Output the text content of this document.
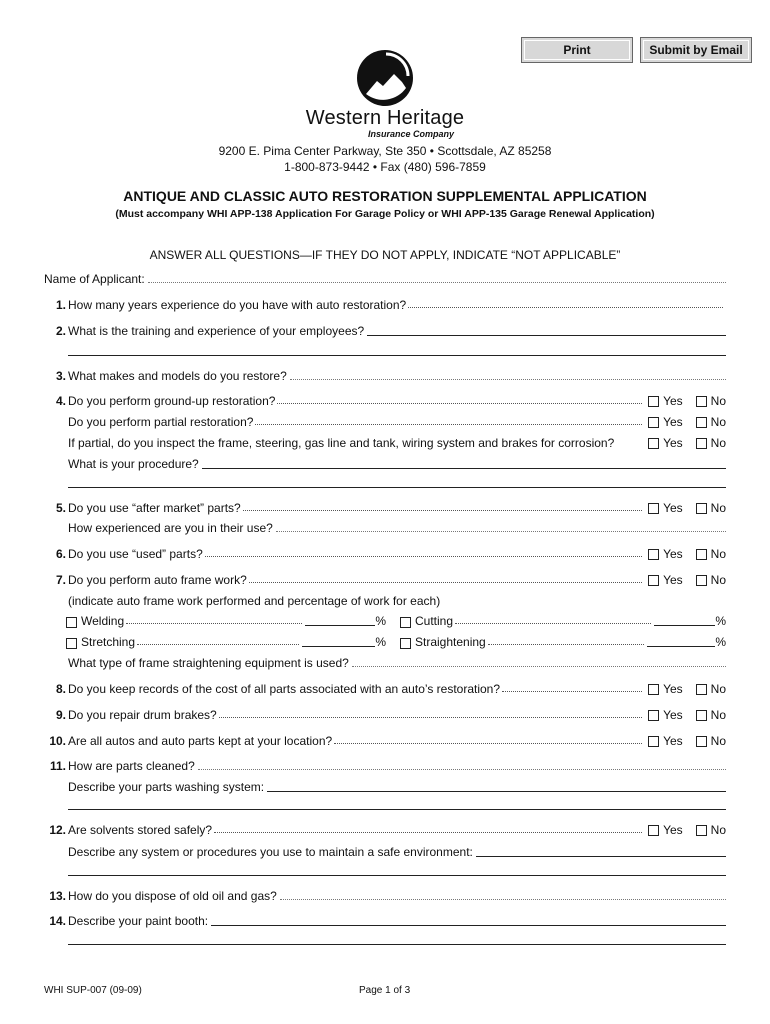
Print	Submit by Email
Western Heritage
Insurance Company
9200 E. Pima Center Parkway, Ste 350 • Scottsdale, AZ 85258
1-800-873-9442 • Fax (480) 596-7859
ANTIQUE AND CLASSIC AUTO RESTORATION SUPPLEMENTAL APPLICATION
(Must accompany WHI APP-138 Application For Garage Policy or WHI APP-135 Garage Renewal Application)
ANSWER ALL QUESTIONS—IF THEY DO NOT APPLY, INDICATE “NOT APPLICABLE”
Name of Applicant:
1. How many years experience do you have with auto restoration?
2. What is the training and experience of your employees?
3. What makes and models do you restore?
4. Do you perform ground-up restoration?	Yes No
Do you perform partial restoration?	Yes No
If partial, do you inspect the frame, steering, gas line and tank, wiring system and brakes for corrosion?	Yes No
What is your procedure?
5. Do you use “after market” parts?	Yes No
How experienced are you in their use?
6. Do you use “used” parts?	Yes No
7. Do you perform auto frame work?	Yes No
(indicate auto frame work performed and percentage of work for each)
Welding	% Cutting	%
Stretching	% Straightening	%
What type of frame straightening equipment is used?
8. Do you keep records of the cost of all parts associated with an auto’s restoration?	Yes No
9. Do you repair drum brakes?	Yes No
10. Are all autos and auto parts kept at your location?	Yes No
11. How are parts cleaned?
Describe your parts washing system:
12. Are solvents stored safely?	Yes No
Describe any system or procedures you use to maintain a safe environment:
13. How do you dispose of old oil and gas?
14. Describe your paint booth:
WHI SUP-007 (09-09)	Page 1 of 3
